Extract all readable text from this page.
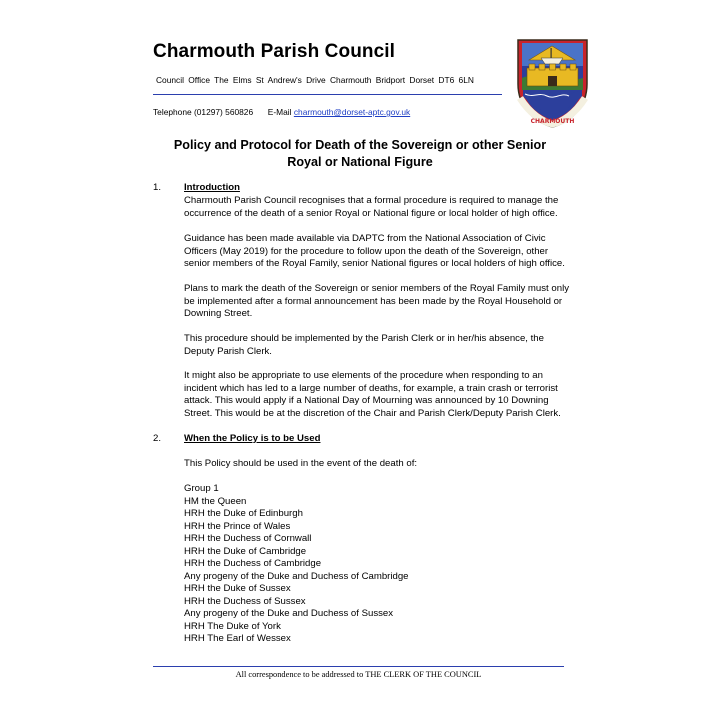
Charmouth Parish Council
Council Office The Elms St Andrew's Drive Charmouth Bridport Dorset DT6 6LN
Telephone (01297) 560826 E-Mail charmouth@dorset-aptc.gov.uk
CHARMOUTH
Policy and Protocol for Death of the Sovereign or other Senior
Royal or National Figure
1. Introduction
Charmouth Parish Council recognises that a formal procedure is required to manage the occurrence of the death of a senior Royal or National figure or local holder of high office.
Guidance has been made available via DAPTC from the National Association of Civic Officers (May 2019) for the procedure to follow upon the death of the Sovereign, other senior members of the Royal Family, senior National figures or local holders of high office.
Plans to mark the death of the Sovereign or senior members of the Royal Family must only be implemented after a formal announcement has been made by the Royal Household or Downing Street.
This procedure should be implemented by the Parish Clerk or in her/his absence, the Deputy Parish Clerk.
It might also be appropriate to use elements of the procedure when responding to an incident which has led to a large number of deaths, for example, a train crash or terrorist attack. This would apply if a National Day of Mourning was announced by 10 Downing Street. This would be at the discretion of the Chair and Parish Clerk/Deputy Parish Clerk.
2. When the Policy is to be Used
This Policy should be used in the event of the death of:
Group 1
HM the Queen
HRH the Duke of Edinburgh
HRH the Prince of Wales
HRH the Duchess of Cornwall
HRH the Duke of Cambridge
HRH the Duchess of Cambridge
Any progeny of the Duke and Duchess of Cambridge
HRH the Duke of Sussex
HRH the Duchess of Sussex
Any progeny of the Duke and Duchess of Sussex
HRH The Duke of York
HRH The Earl of Wessex
All correspondence to be addressed to THE CLERK OF THE COUNCIL
